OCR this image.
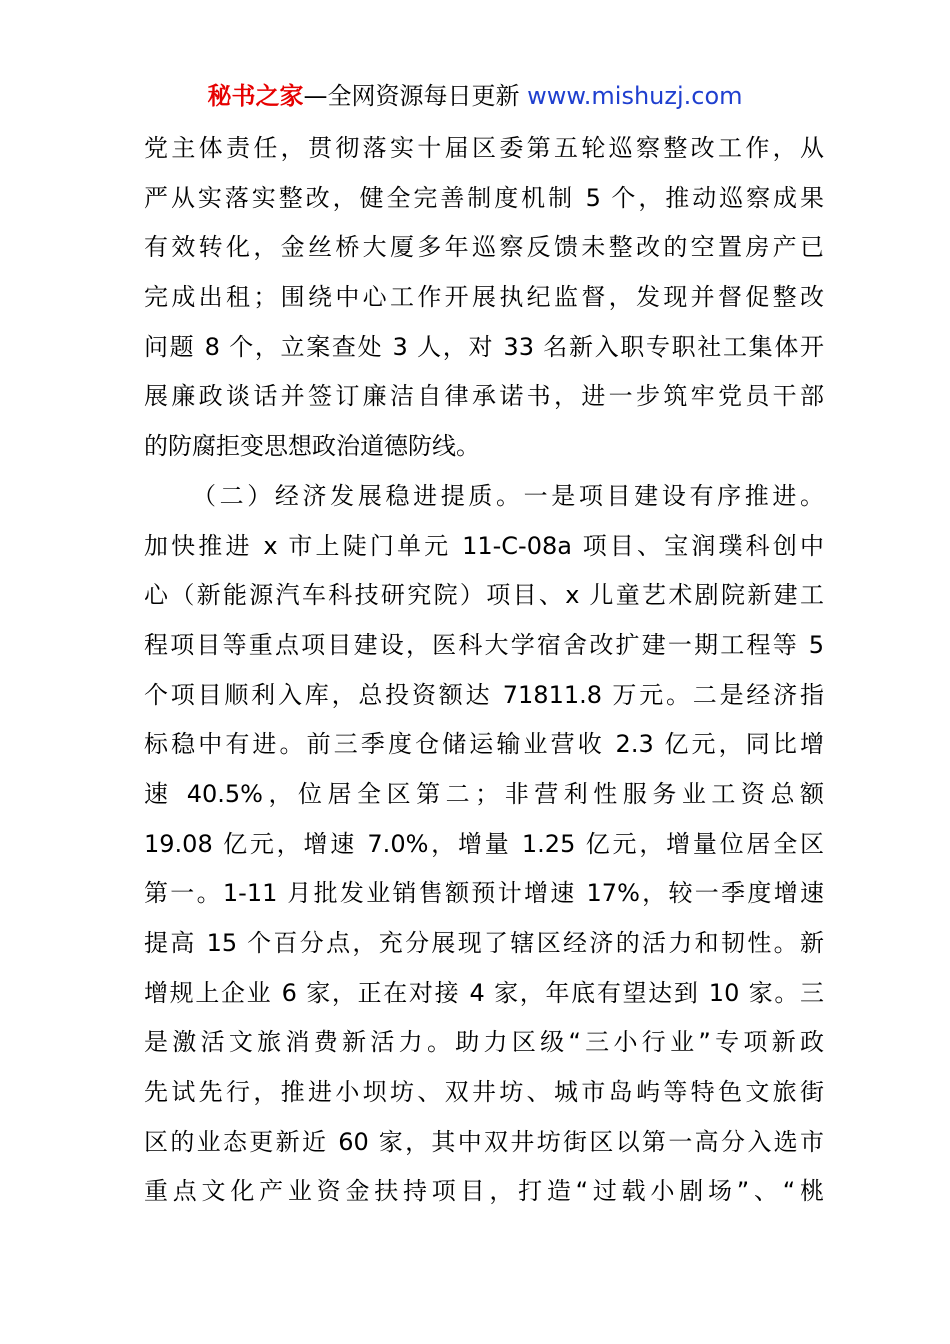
秘书之家—全网资源每日更新 www.mishuzj.com
党主体责任，贯彻落实十届区委第五轮巡察整改工作，从
严从实落实整改，健全完善制度机制 5 个，推动巡察成果
有效转化，金丝桥大厦多年巡察反馈未整改的空置房产已
完成出租；围绕中心工作开展执纪监督，发现并督促整改
问题 8 个，立案查处 3 人，对 33 名新入职专职社工集体开
展廉政谈话并签订廉洁自律承诺书，进一步筑牢党员干部
的防腐拒变思想政治道德防线。
（二）经济发展稳进提质。一是项目建设有序推进。
加快推进 x 市上陡门单元 11-C-08a 项目、宝润璞科创中
心（新能源汽车科技研究院）项目、x 儿童艺术剧院新建工
程项目等重点项目建设，医科大学宿舍改扩建一期工程等 5
个项目顺利入库，总投资额达 71811.8 万元。二是经济指
标稳中有进。前三季度仓储运输业营收 2.3 亿元，同比增
速 40.5%，位居全区第二；非营利性服务业工资总额
19.08 亿元，增速 7.0%，增量 1.25 亿元，增量位居全区
第一。1-11 月批发业销售额预计增速 17%，较一季度增速
提高 15 个百分点，充分展现了辖区经济的活力和韧性。新
增规上企业 6 家，正在对接 4 家，年底有望达到 10 家。三
是激活文旅消费新活力。助力区级“三小行业”专项新政
先试先行，推进小坝坊、双井坊、城市岛屿等特色文旅街
区的业态更新近 60 家，其中双井坊街区以第一高分入选市
重点文化产业资金扶持项目，打造“过载小剧场”、“桃
